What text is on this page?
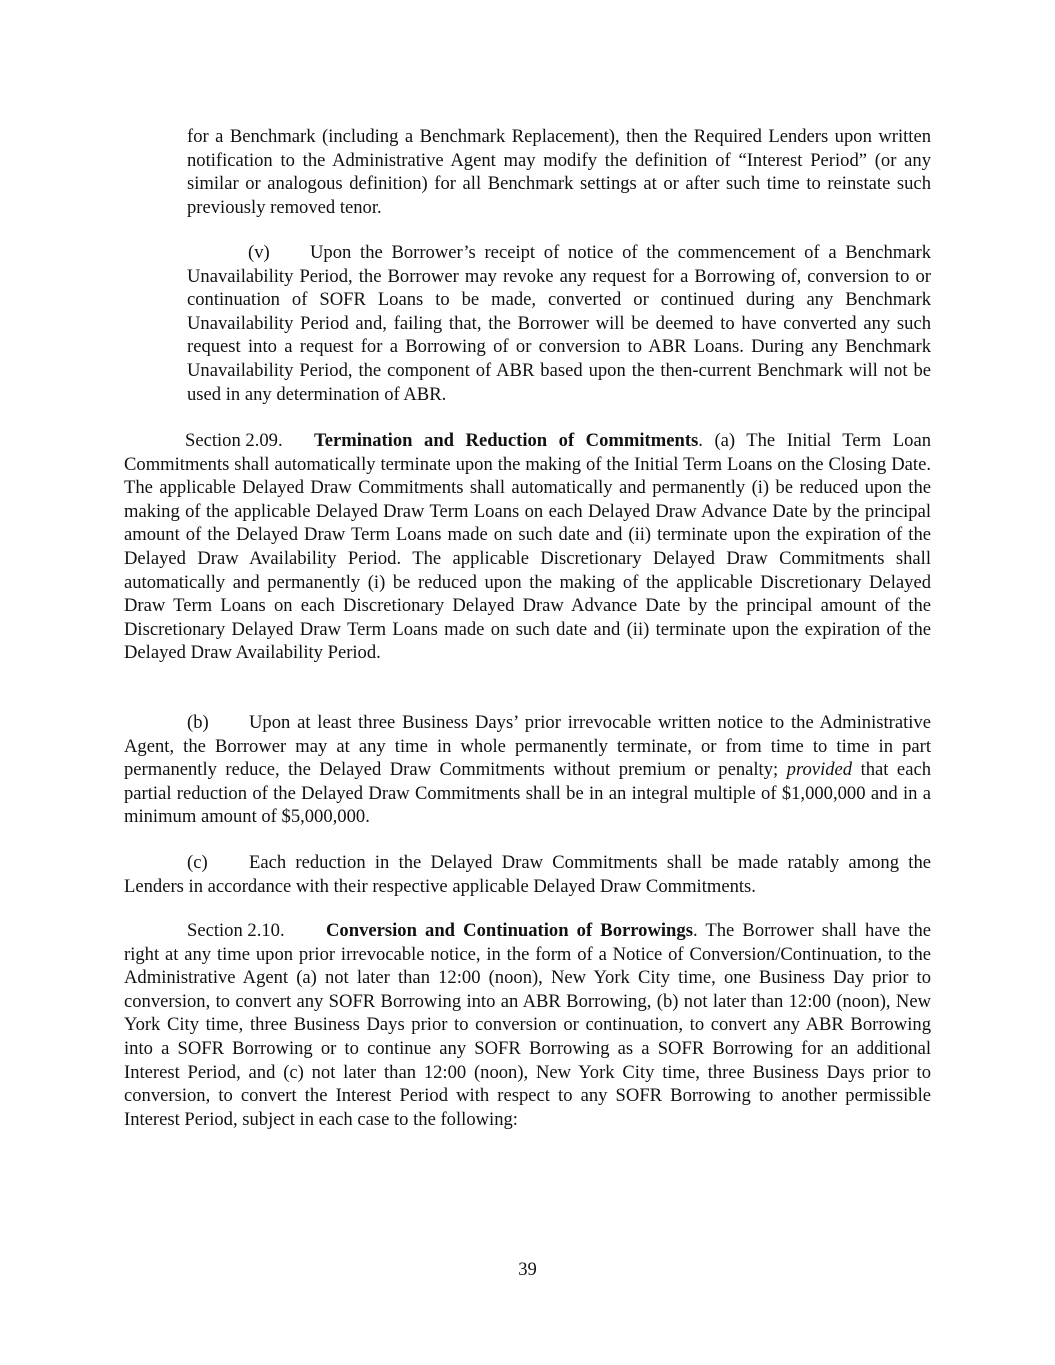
for a Benchmark (including a Benchmark Replacement), then the Required Lenders upon written notification to the Administrative Agent may modify the definition of “Interest Period” (or any similar or analogous definition) for all Benchmark settings at or after such time to reinstate such previously removed tenor.

(v) Upon the Borrower’s receipt of notice of the commencement of a Benchmark Unavailability Period, the Borrower may revoke any request for a Borrowing of, conversion to or continuation of SOFR Loans to be made, converted or continued during any Benchmark Unavailability Period and, failing that, the Borrower will be deemed to have converted any such request into a request for a Borrowing of or conversion to ABR Loans. During any Benchmark Unavailability Period, the component of ABR based upon the then-current Benchmark will not be used in any determination of ABR.

Section 2.09. Termination and Reduction of Commitments. (a) The Initial Term Loan Commitments shall automatically terminate upon the making of the Initial Term Loans on the Closing Date. The applicable Delayed Draw Commitments shall automatically and permanently (i) be reduced upon the making of the applicable Delayed Draw Term Loans on each Delayed Draw Advance Date by the principal amount of the Delayed Draw Term Loans made on such date and (ii) terminate upon the expiration of the Delayed Draw Availability Period. The applicable Discretionary Delayed Draw Commitments shall automatically and permanently (i) be reduced upon the making of the applicable Discretionary Delayed Draw Term Loans on each Discretionary Delayed Draw Advance Date by the principal amount of the Discretionary Delayed Draw Term Loans made on such date and (ii) terminate upon the expiration of the Delayed Draw Availability Period.

(b) Upon at least three Business Days’ prior irrevocable written notice to the Administrative Agent, the Borrower may at any time in whole permanently terminate, or from time to time in part permanently reduce, the Delayed Draw Commitments without premium or penalty; provided that each partial reduction of the Delayed Draw Commitments shall be in an integral multiple of $1,000,000 and in a minimum amount of $5,000,000.

(c) Each reduction in the Delayed Draw Commitments shall be made ratably among the Lenders in accordance with their respective applicable Delayed Draw Commitments.

Section 2.10. Conversion and Continuation of Borrowings. The Borrower shall have the right at any time upon prior irrevocable notice, in the form of a Notice of Conversion/Continuation, to the Administrative Agent (a) not later than 12:00 (noon), New York City time, one Business Day prior to conversion, to convert any SOFR Borrowing into an ABR Borrowing, (b) not later than 12:00 (noon), New York City time, three Business Days prior to conversion or continuation, to convert any ABR Borrowing into a SOFR Borrowing or to continue any SOFR Borrowing as a SOFR Borrowing for an additional Interest Period, and (c) not later than 12:00 (noon), New York City time, three Business Days prior to conversion, to convert the Interest Period with respect to any SOFR Borrowing to another permissible Interest Period, subject in each case to the following:

39
